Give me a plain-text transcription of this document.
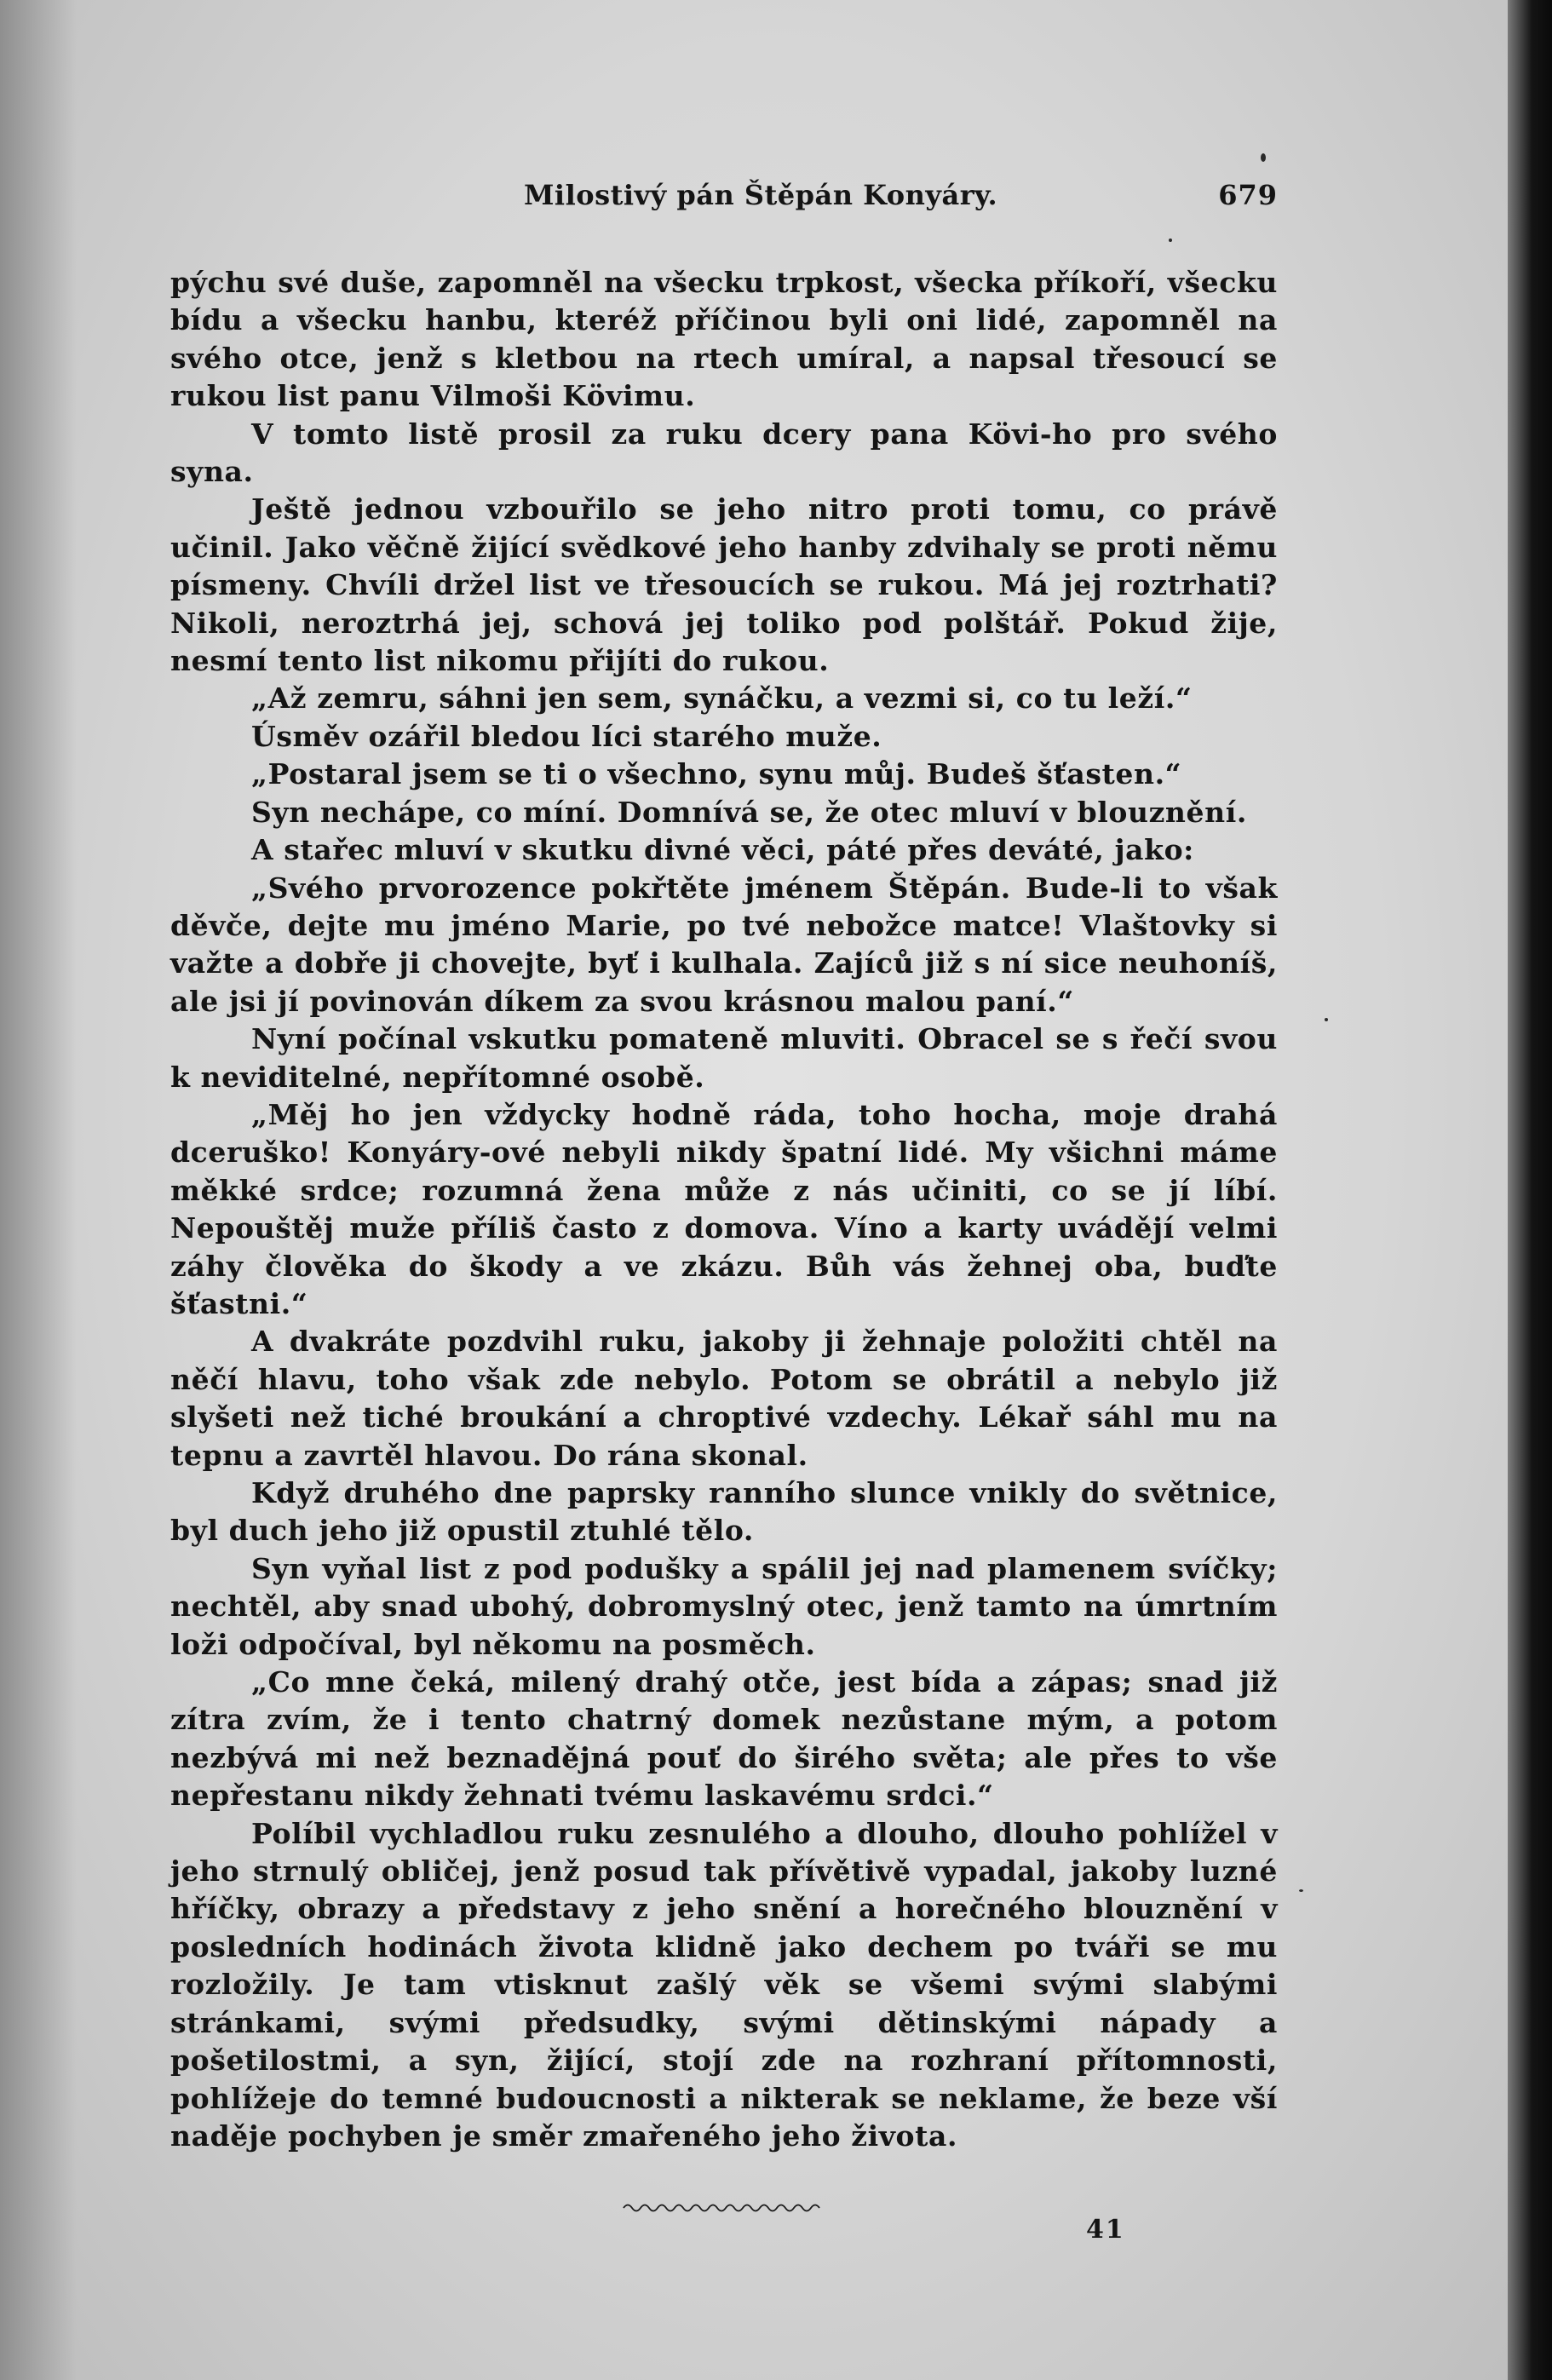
Milostivý pán Štěpán Konyáry.	679

pýchu své duše, zapomněl na všecku trpkost, všecka příkoří, všecku bídu a všecku hanbu, kteréž příčinou byli oni lidé, zapomněl na svého otce, jenž s kletbou na rtech umíral, a napsal třesoucí se rukou list panu Vilmoši Kövimu.

V tomto listě prosil za ruku dcery pana Kövi-ho pro svého syna.

Ještě jednou vzbouřilo se jeho nitro proti tomu, co právě učinil. Jako věčně žijící svědkové jeho hanby zdvihaly se proti němu písmeny. Chvíli držel list ve třesoucích se rukou. Má jej roztrhati? Nikoli, neroztrhá jej, schová jej toliko pod polštář. Pokud žije, nesmí tento list nikomu přijíti do rukou.

„Až zemru, sáhni jen sem, synáčku, a vezmi si, co tu leží.“

Úsměv ozářil bledou líci starého muže.

„Postaral jsem se ti o všechno, synu můj. Budeš šťasten.“

Syn nechápe, co míní. Domnívá se, že otec mluví v blouznění.

A stařec mluví v skutku divné věci, páté přes deváté, jako:

„Svého prvorozence pokřtěte jménem Štěpán. Bude-li to však děvče, dejte mu jméno Marie, po tvé nebožce matce! Vlaštovky si važte a dobře ji chovejte, byť i kulhala. Zajíců již s ní sice neuhoníš, ale jsi jí povinován díkem za svou krásnou malou paní.“

Nyní počínal vskutku pomateně mluviti. Obracel se s řečí svou k neviditelné, nepřítomné osobě.

„Měj ho jen vždycky hodně ráda, toho hocha, moje drahá dceruško! Konyáry-ové nebyli nikdy špatní lidé. My všichni máme měkké srdce; rozumná žena může z nás učiniti, co se jí líbí. Nepouštěj muže příliš často z domova. Víno a karty uvádějí velmi záhy člověka do škody a ve zkázu. Bůh vás žehnej oba, buďte šťastni.“

A dvakráte pozdvihl ruku, jakoby ji žehnaje položiti chtěl na něčí hlavu, toho však zde nebylo. Potom se obrátil a nebylo již slyšeti než tiché broukání a chroptivé vzdechy. Lékař sáhl mu na tepnu a zavrtěl hlavou. Do rána skonal.

Když druhého dne paprsky ranního slunce vnikly do světnice, byl duch jeho již opustil ztuhlé tělo.

Syn vyňal list z pod podušky a spálil jej nad plamenem svíčky; nechtěl, aby snad ubohý, dobromyslný otec, jenž tamto na úmrtním loži odpočíval, byl někomu na posměch.

„Co mne čeká, milený drahý otče, jest bída a zápas; snad již zítra zvím, že i tento chatrný domek nezůstane mým, a potom nezbývá mi než beznadějná pouť do širého světa; ale přes to vše nepřestanu nikdy žehnati tvému laskavému srdci.“

Políbil vychladlou ruku zesnulého a dlouho, dlouho pohlížel v jeho strnulý obličej, jenž posud tak přívětivě vypadal, jakoby luzné hříčky, obrazy a představy z jeho snění a horečného blouznění v posledních hodinách života klidně jako dechem po tváři se mu rozložily. Je tam vtisknut zašlý věk se všemi svými slabými stránkami, svými předsudky, svými dětinskými nápady a pošetilostmi, a syn, žijící, stojí zde na rozhraní přítomnosti, pohlížeje do temné budoucnosti a nikterak se neklame, že beze vší naděje pochyben je směr zmařeného jeho života.

41
